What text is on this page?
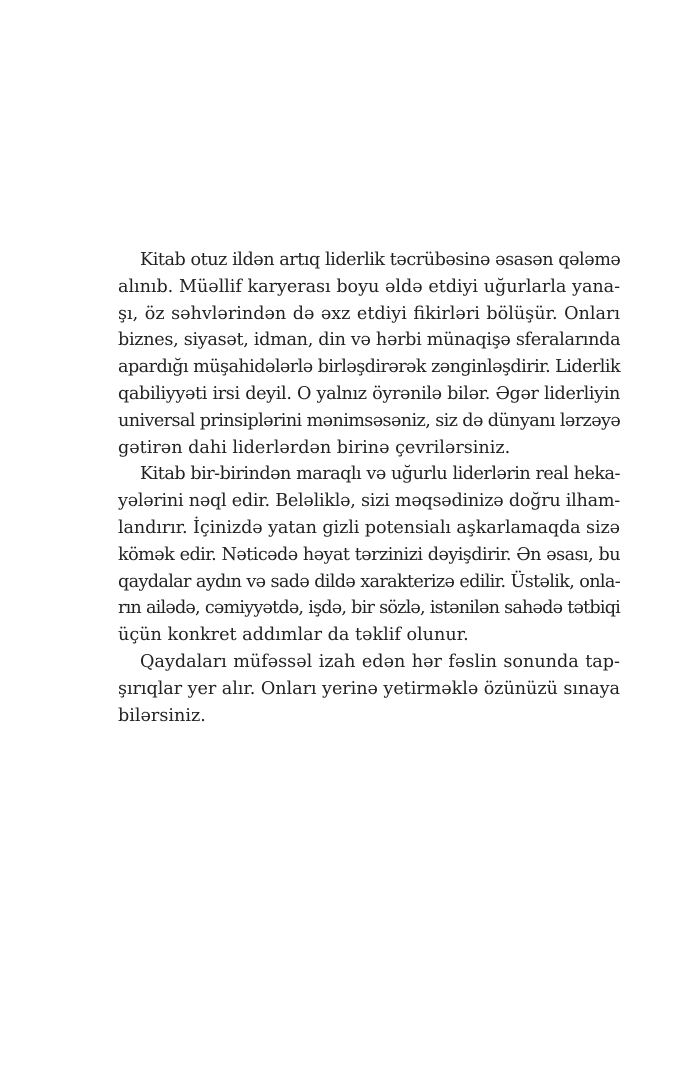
Kitab otuz ildən artıq liderlik təcrübəsinə əsasən qələmə
alınıb. Müəllif karyerası boyu əldə etdiyi uğurlarla yana-
şı, öz səhvlərindən də əxz etdiyi fikirləri bölüşür. Onları
biznes, siyasət, idman, din və hərbi münaqişə sferalarında
apardığı müşahidələrlə birləşdirərək zənginləşdirir. Liderlik
qabiliyyəti irsi deyil. O yalnız öyrənilə bilər. Əgər liderliyin
universal prinsiplərini mənimsəsəniz, siz də dünyanı lərzəyə
gətirən dahi liderlərdən birinə çevrilərsiniz.
Kitab bir-birindən maraqlı və uğurlu liderlərin real heka-
yələrini nəql edir. Beləliklə, sizi məqsədinizə doğru ilham-
landırır. İçinizdə yatan gizli potensialı aşkarlamaqda sizə
kömək edir. Nəticədə həyat tərzinizi dəyişdirir. Ən əsası, bu
qaydalar aydın və sadə dildə xarakterizə edilir. Üstəlik, onla-
rın ailədə, cəmiyyətdə, işdə, bir sözlə, istənilən sahədə tətbiqi
üçün konkret addımlar da təklif olunur.
Qaydaları müfəssəl izah edən hər fəslin sonunda tap-
şırıqlar yer alır. Onları yerinə yetirməklə özünüzü sınaya
bilərsiniz.
